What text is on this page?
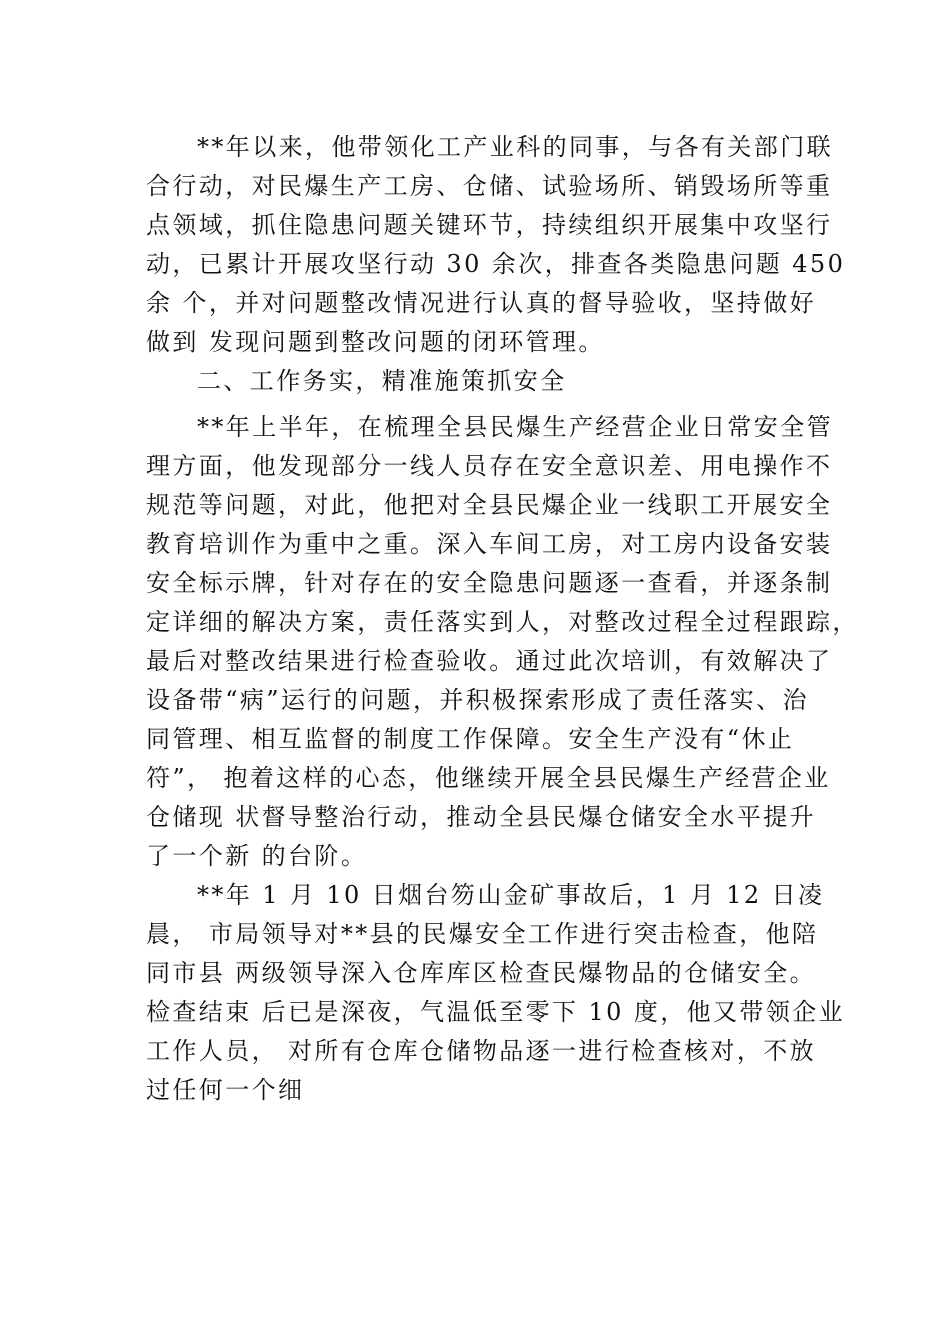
**年以来，他带领化工产业科的同事，与各有关部门联
合行动，对民爆生产工房、仓储、试验场所、销毁场所等重
点领域，抓住隐患问题关键环节，持续组织开展集中攻坚行
动，已累计开展攻坚行动 30 余次，排查各类隐患问题 450
余 个，并对问题整改情况进行认真的督导验收，坚持做好
做到 发现问题到整改问题的闭环管理。
二、工作务实，精准施策抓安全
**年上半年，在梳理全县民爆生产经营企业日常安全管
理方面，他发现部分一线人员存在安全意识差、用电操作不
规范等问题，对此，他把对全县民爆企业一线职工开展安全
教育培训作为重中之重。深入车间工房，对工房内设备安装
安全标示牌，针对存在的安全隐患问题逐一查看，并逐条制
定详细的解决方案，责任落实到人，对整改过程全过程跟踪，
最后对整改结果进行检查验收。通过此次培训，有效解决了
设备带“病”运行的问题，并积极探索形成了责任落实、治
同管理、相互监督的制度工作保障。安全生产没有“休止
符”， 抱着这样的心态，他继续开展全县民爆生产经营企业
仓储现 状督导整治行动，推动全县民爆仓储安全水平提升
了一个新 的台阶。
**年 1 月 10 日烟台笏山金矿事故后，1 月 12 日凌
晨， 市局领导对**县的民爆安全工作进行突击检查，他陪
同市县 两级领导深入仓库库区检查民爆物品的仓储安全。
检查结束 后已是深夜，气温低至零下 10 度，他又带领企业
工作人员， 对所有仓库仓储物品逐一进行检查核对，不放
过任何一个细
